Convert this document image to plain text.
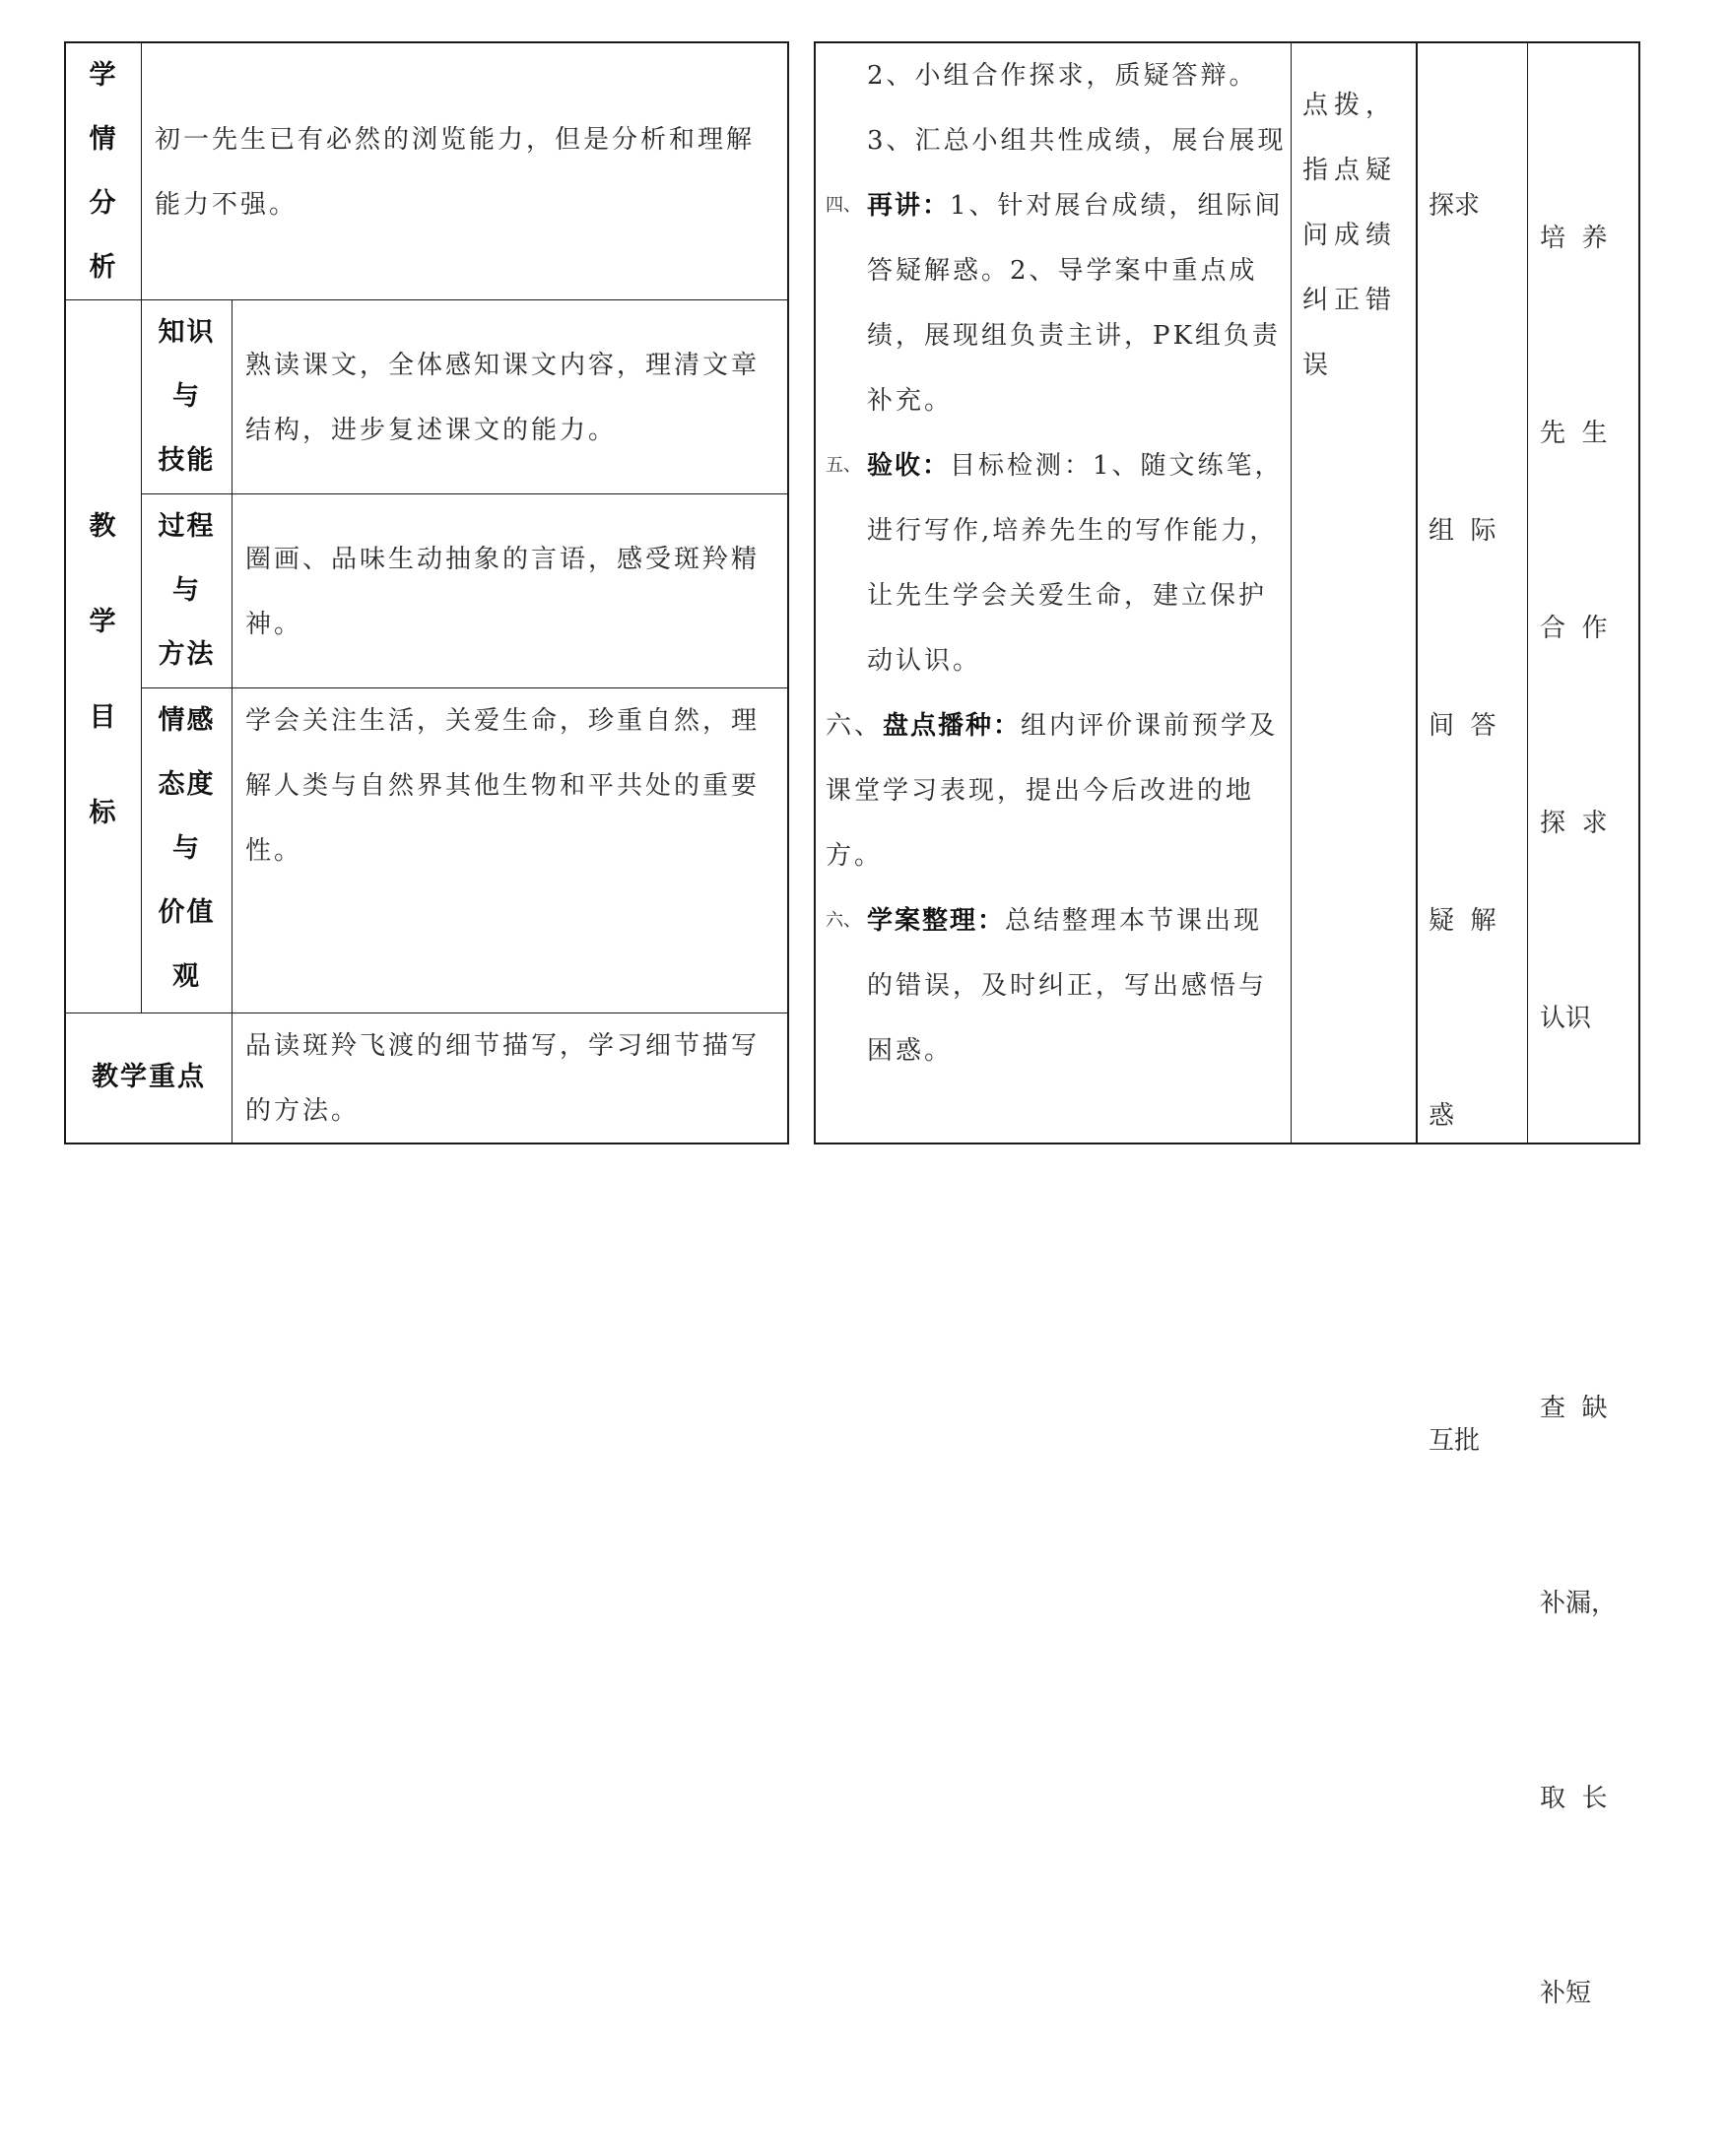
学
情
分
析
初一先生已有必然的浏览能力，但是分析和理解能力不强。
教
学
目
标
知识
与
技能
熟读课文，全体感知课文内容，理清文章结构，进步复述课文的能力。
过程
与
方法
圈画、品味生动抽象的言语，感受斑羚精神。
情感
态度
与
价值
观
学会关注生活，关爱生命，珍重自然，理解人类与自然界其他生物和平共处的重要性。
教学重点
品读斑羚飞渡的细节描写，学习细节描写的方法。
2、小组合作探求，质疑答辩。3、汇总小组共性成绩，展台展现
四、 再讲：1、针对展台成绩，组际间答疑解惑。2、导学案中重点成绩，展现组负责主讲，PK组负责补充。
五、 验收：目标检测：1、随文练笔，进行写作,培养先生的写作能力，让先生学会关爱生命，建立保护动认识。
六、盘点播种：组内评价课前预学及课堂学习表现，提出今后改进的地方。
六、 学案整理：总结整理本节课出现的错误，及时纠正，写出感悟与困惑。
点拨，
指点疑
问成绩
纠正错
误

探求

组  际

间  答

疑  解

惑

互批

培  养

先  生

合  作

探  求

认识

查  缺

补漏，

取  长

补短
